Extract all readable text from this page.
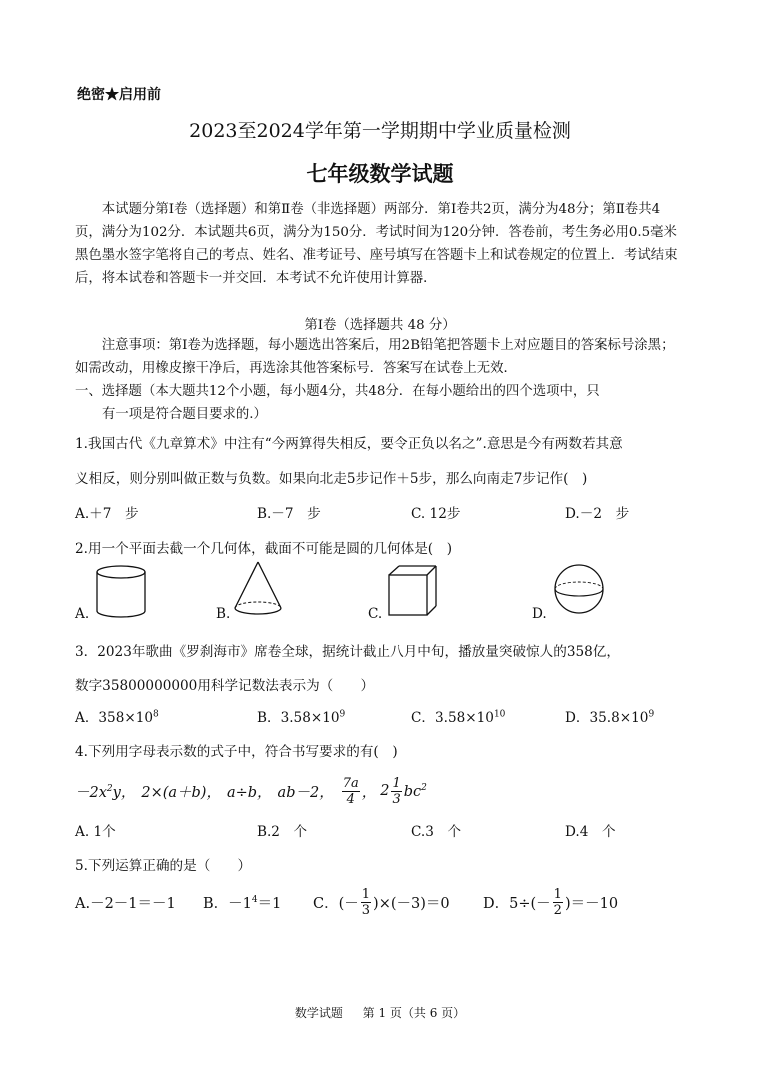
绝密★启用前
2023至2024学年第一学期期中学业质量检测
七年级数学试题
本试题分第Ⅰ卷（选择题）和第Ⅱ卷（非选择题）两部分．第Ⅰ卷共2页，满分为48分；第Ⅱ卷共4页，满分为102分．本试题共6页，满分为150分．考试时间为120分钟．答卷前，考生务必用0.5毫米黑色墨水签字笔将自己的考点、姓名、准考证号、座号填写在答题卡上和试卷规定的位置上．考试结束后，将本试卷和答题卡一并交回．本考试不允许使用计算器．
第Ⅰ卷（选择题共 48 分）
注意事项：第Ⅰ卷为选择题，每小题选出答案后，用2B铅笔把答题卡上对应题目的答案标号涂黑；如需改动，用橡皮擦干净后，再选涂其他答案标号．答案写在试卷上无效．
一、选择题（本大题共12个小题，每小题4分，共48分．在每小题给出的四个选项中，只
有一项是符合题目要求的.）
1.我国古代《九章算术》中注有“今两算得失相反，要令正负以名之”.意思是今有两数若其意
义相反，则分别叫做正数与负数。如果向北走5步记作＋5步，那么向南走7步记作(　)
A.＋7　步	B.－7　步	C. 12步	D.－2　步
2.用一个平面去截一个几何体，截面不可能是圆的几何体是(　)
A.	B.	C.	D.
3．2023年歌曲《罗刹海市》席卷全球，据统计截止八月中旬，播放量突破惊人的358亿，
数字35800000000用科学记数法表示为（　　）
A．$358\times 10^8$	B．$3.58\times 10^9$	C．$3.58\times 10^{10}$	D．$35.8\times 10^9$
4.下列用字母表示数的式子中，符合书写要求的有(　)
$-2x^2y$， 2×(a＋b)， a÷b， ab－2， $\frac{7a}{4}$ ， $2 \frac{1}{3} bc^2$
A. 1个	B.2　个	C.3　个	D.4　个
5.下列运算正确的是（　　）
A.－2－1＝－1	B．$-1^4=1$	C．(－ $\frac{1}{3} )\times(-3)=0$ D．$5\div(- \frac{1}{2} )=-10$
数学试题 第 1 页（共 6 页）
